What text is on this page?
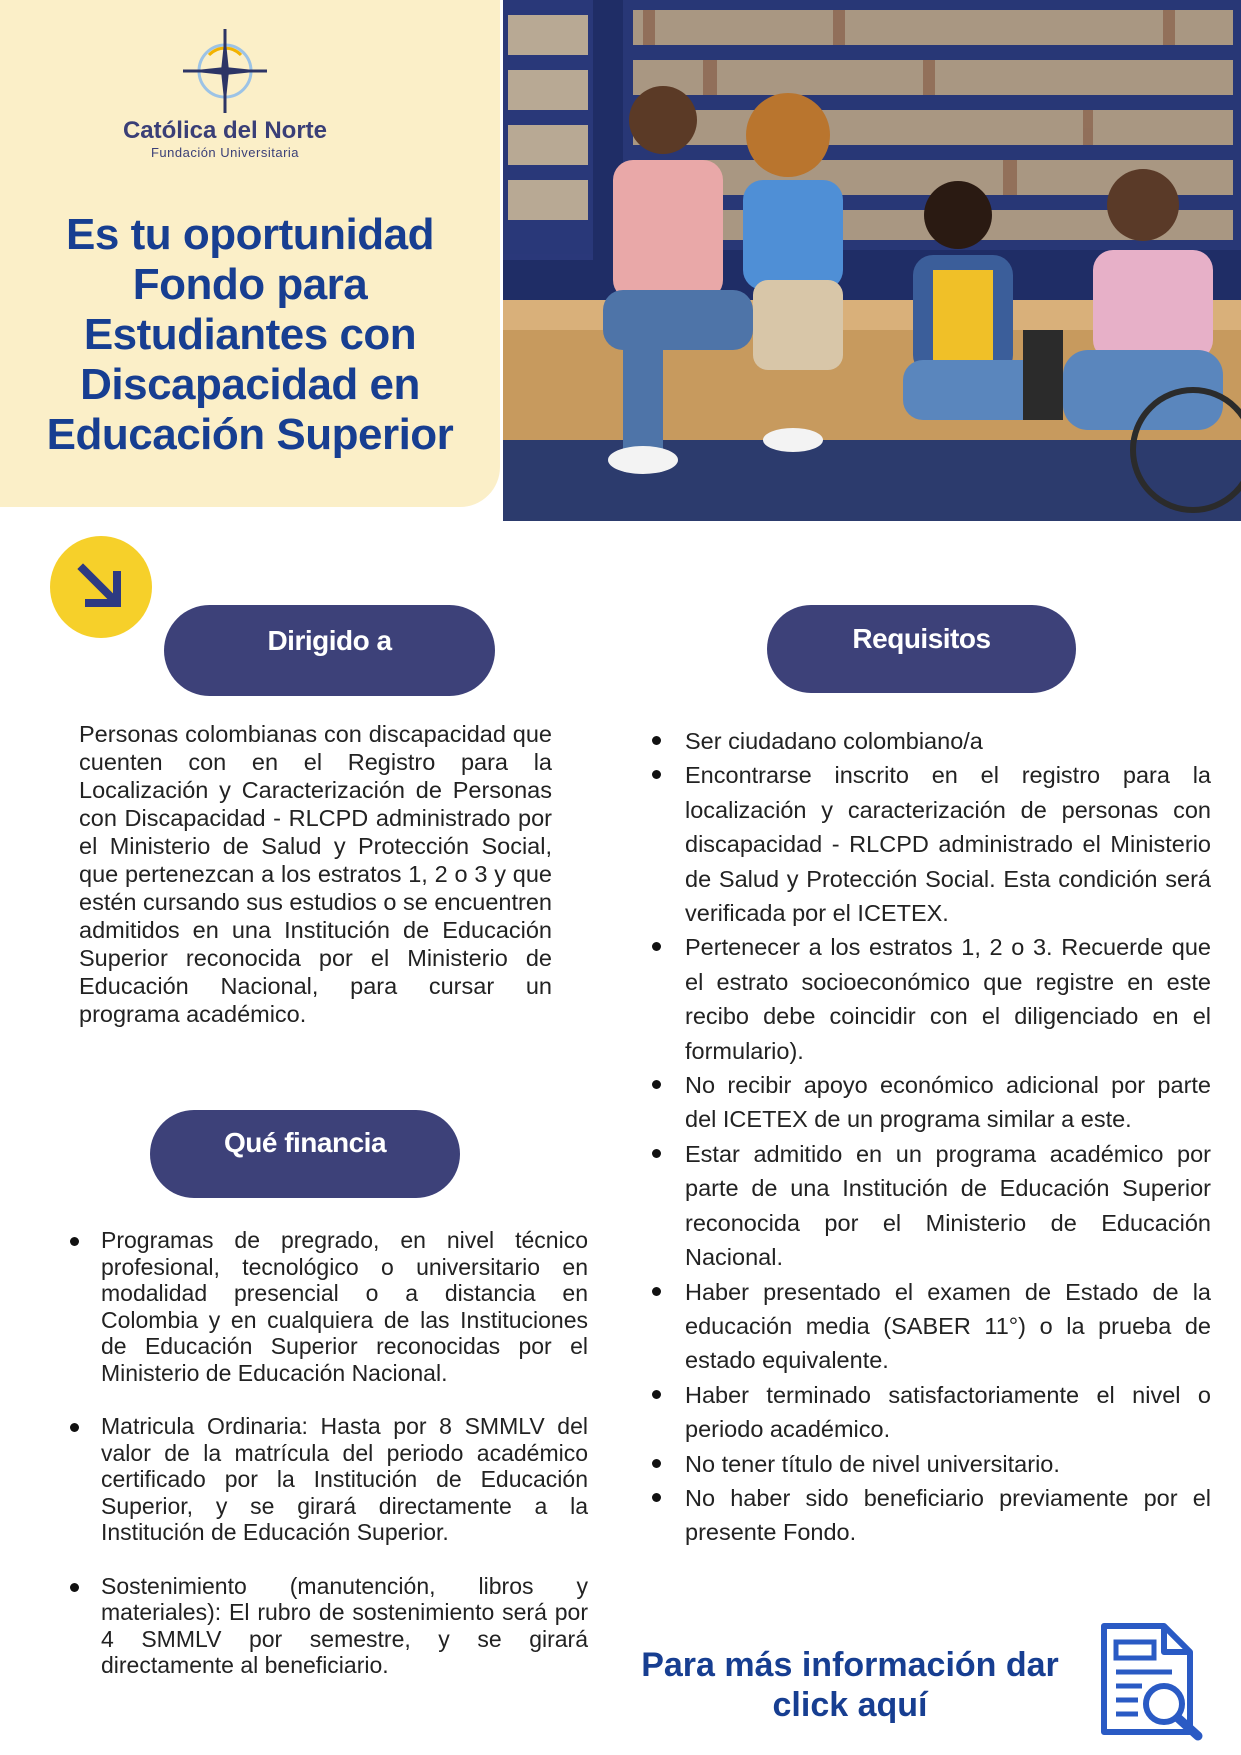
Católica del Norte
Fundación Universitaria
Es tu oportunidad
Fondo para
Estudiantes con
Discapacidad en
Educación Superior
Dirigido a

Personas colombianas con discapacidad que cuenten con en el Registro para la Localización y Caracterización de Personas con Discapacidad - RLCPD administrado por el Ministerio de Salud y Protección Social, que pertenezcan a los estratos 1, 2 o 3 y que estén cursando sus estudios o se encuentren admitidos en una Institución de Educación Superior reconocida por el Ministerio de Educación Nacional, para cursar un programa académico.

Qué financia
Programas de pregrado, en nivel técnico profesional, tecnológico o universitario en modalidad presencial o a distancia en Colombia y en cualquiera de las Instituciones de Educación Superior reconocidas por el Ministerio de Educación Nacional.
Matricula Ordinaria: Hasta por 8 SMMLV del valor de la matrícula del periodo académico certificado por la Institución de Educación Superior, y se girará directamente a la Institución de Educación Superior.
Sostenimiento (manutención, libros y materiales): El rubro de sostenimiento será por 4 SMMLV por semestre, y se girará directamente al beneficiario.
Requisitos
Ser ciudadano colombiano/a
Encontrarse inscrito en el registro para la localización y caracterización de personas con discapacidad - RLCPD administrado el Ministerio de Salud y Protección Social. Esta condición será verificada por el ICETEX.
Pertenecer a los estratos 1, 2 o 3. Recuerde que el estrato socioeconómico que registre en este recibo debe coincidir con el diligenciado en el formulario).
No recibir apoyo económico adicional por parte del ICETEX de un programa similar a este.
Estar admitido en un programa académico por parte de una Institución de Educación Superior reconocida por el Ministerio de Educación Nacional.
Haber presentado el examen de Estado de la educación media (SABER 11°) o la prueba de estado equivalente.
Haber terminado satisfactoriamente el nivel o periodo académico.
No tener título de nivel universitario.
No haber sido beneficiario previamente por el presente Fondo.
Para más información dar
click aquí
